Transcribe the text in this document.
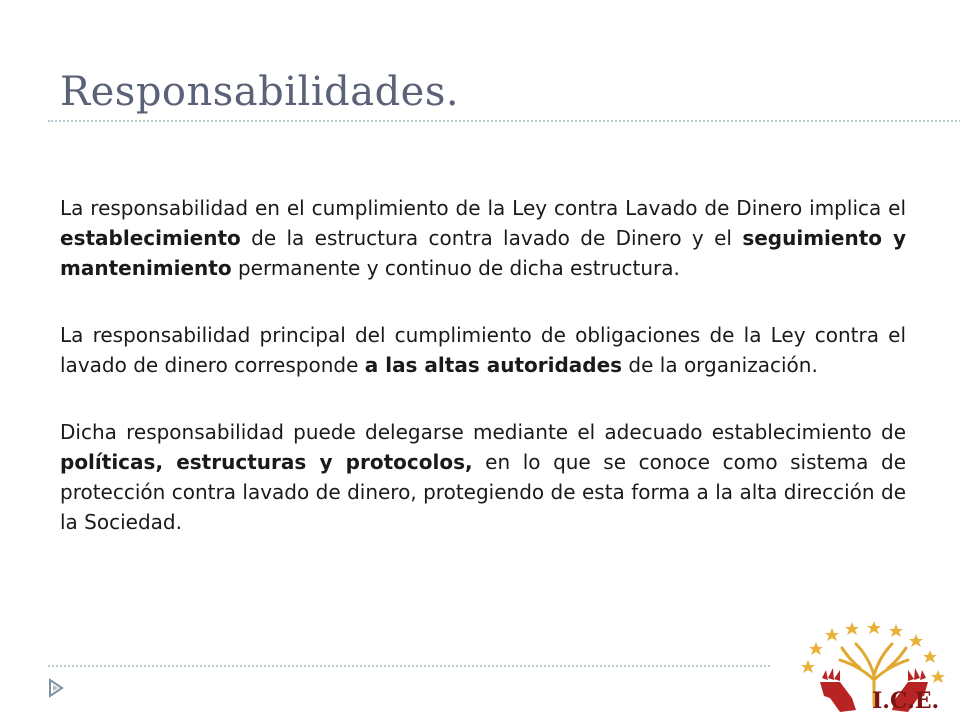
Responsabilidades.

La responsabilidad en el cumplimiento de la Ley contra Lavado de Dinero implica el establecimiento de la estructura contra lavado de Dinero y el seguimiento y mantenimiento permanente y continuo de dicha estructura.

La responsabilidad principal del cumplimiento de obligaciones de la Ley contra el lavado de dinero corresponde a las altas autoridades de la organización.

Dicha responsabilidad puede delegarse mediante el adecuado establecimiento de políticas, estructuras y protocolos, en lo que se conoce como sistema de protección contra lavado de dinero, protegiendo de esta forma a la alta dirección de la Sociedad.

I.C.E.
